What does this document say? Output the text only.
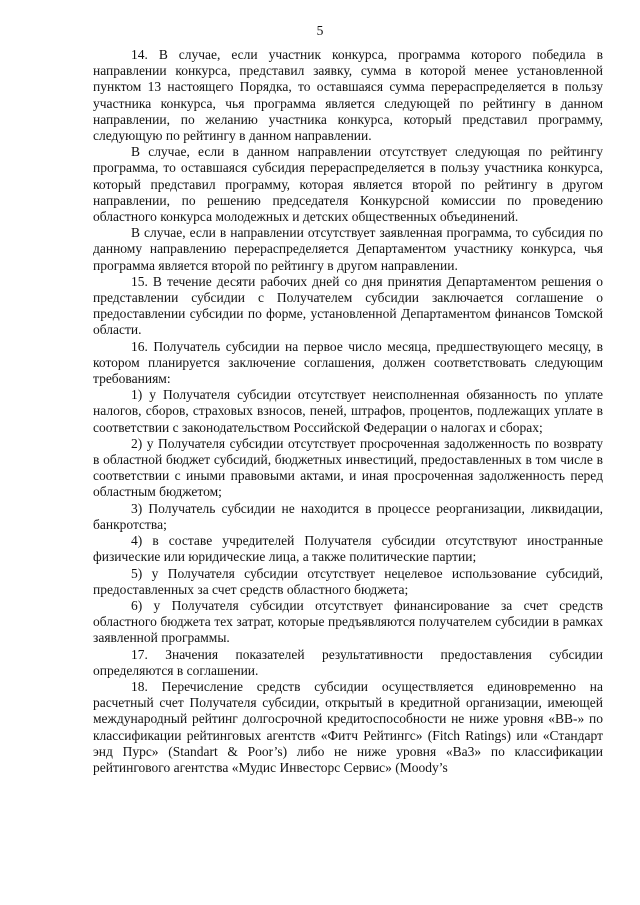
5

14. В случае, если участник конкурса, программа которого победила в направлении конкурса, представил заявку, сумма в которой менее установленной пунктом 13 настоящего Порядка, то оставшаяся сумма перераспределяется в пользу участника конкурса, чья программа является следующей по рейтингу в данном направлении, по желанию участника конкурса, который представил программу, следующую по рейтингу в данном направлении.

В случае, если в данном направлении отсутствует следующая по рейтингу программа, то оставшаяся субсидия перераспределяется в пользу участника конкурса, который представил программу, которая является второй по рейтингу в другом направлении, по решению председателя Конкурсной комиссии по проведению областного конкурса молодежных и детских общественных объединений.

В случае, если в направлении отсутствует заявленная программа, то субсидия по данному направлению перераспределяется Департаментом участнику конкурса, чья программа является второй по рейтингу в другом направлении.

15. В течение десяти рабочих дней со дня принятия Департаментом решения о представлении субсидии с Получателем субсидии заключается соглашение о предоставлении субсидии по форме, установленной Департаментом финансов Томской области.

16. Получатель субсидии на первое число месяца, предшествующего месяцу, в котором планируется заключение соглашения, должен соответствовать следующим требованиям:

1) у Получателя субсидии отсутствует неисполненная обязанность по уплате налогов, сборов, страховых взносов, пеней, штрафов, процентов, подлежащих уплате в соответствии с законодательством Российской Федерации о налогах и сборах;

2) у Получателя субсидии отсутствует просроченная задолженность по возврату в областной бюджет субсидий, бюджетных инвестиций, предоставленных в том числе в соответствии с иными правовыми актами, и иная просроченная задолженность перед областным бюджетом;

3) Получатель субсидии не находится в процессе реорганизации, ликвидации, банкротства;

4) в составе учредителей Получателя субсидии отсутствуют иностранные физические или юридические лица, а также политические партии;

5) у Получателя субсидии отсутствует нецелевое использование субсидий, предоставленных за счет средств областного бюджета;

6) у Получателя субсидии отсутствует финансирование за счет средств областного бюджета тех затрат, которые предъявляются получателем субсидии в рамках заявленной программы.

17. Значения показателей результативности предоставления субсидии определяются в соглашении.

18. Перечисление средств субсидии осуществляется единовременно на расчетный счет Получателя субсидии, открытый в кредитной организации, имеющей международный рейтинг долгосрочной кредитоспособности не ниже уровня «BB-» по классификации рейтинговых агентств «Фитч Рейтингс» (Fitch Ratings) или «Стандарт энд Пурс» (Standart & Poor’s) либо не ниже уровня «Ba3» по классификации рейтингового агентства «Мудис Инвесторс Сервис» (Moody’s
